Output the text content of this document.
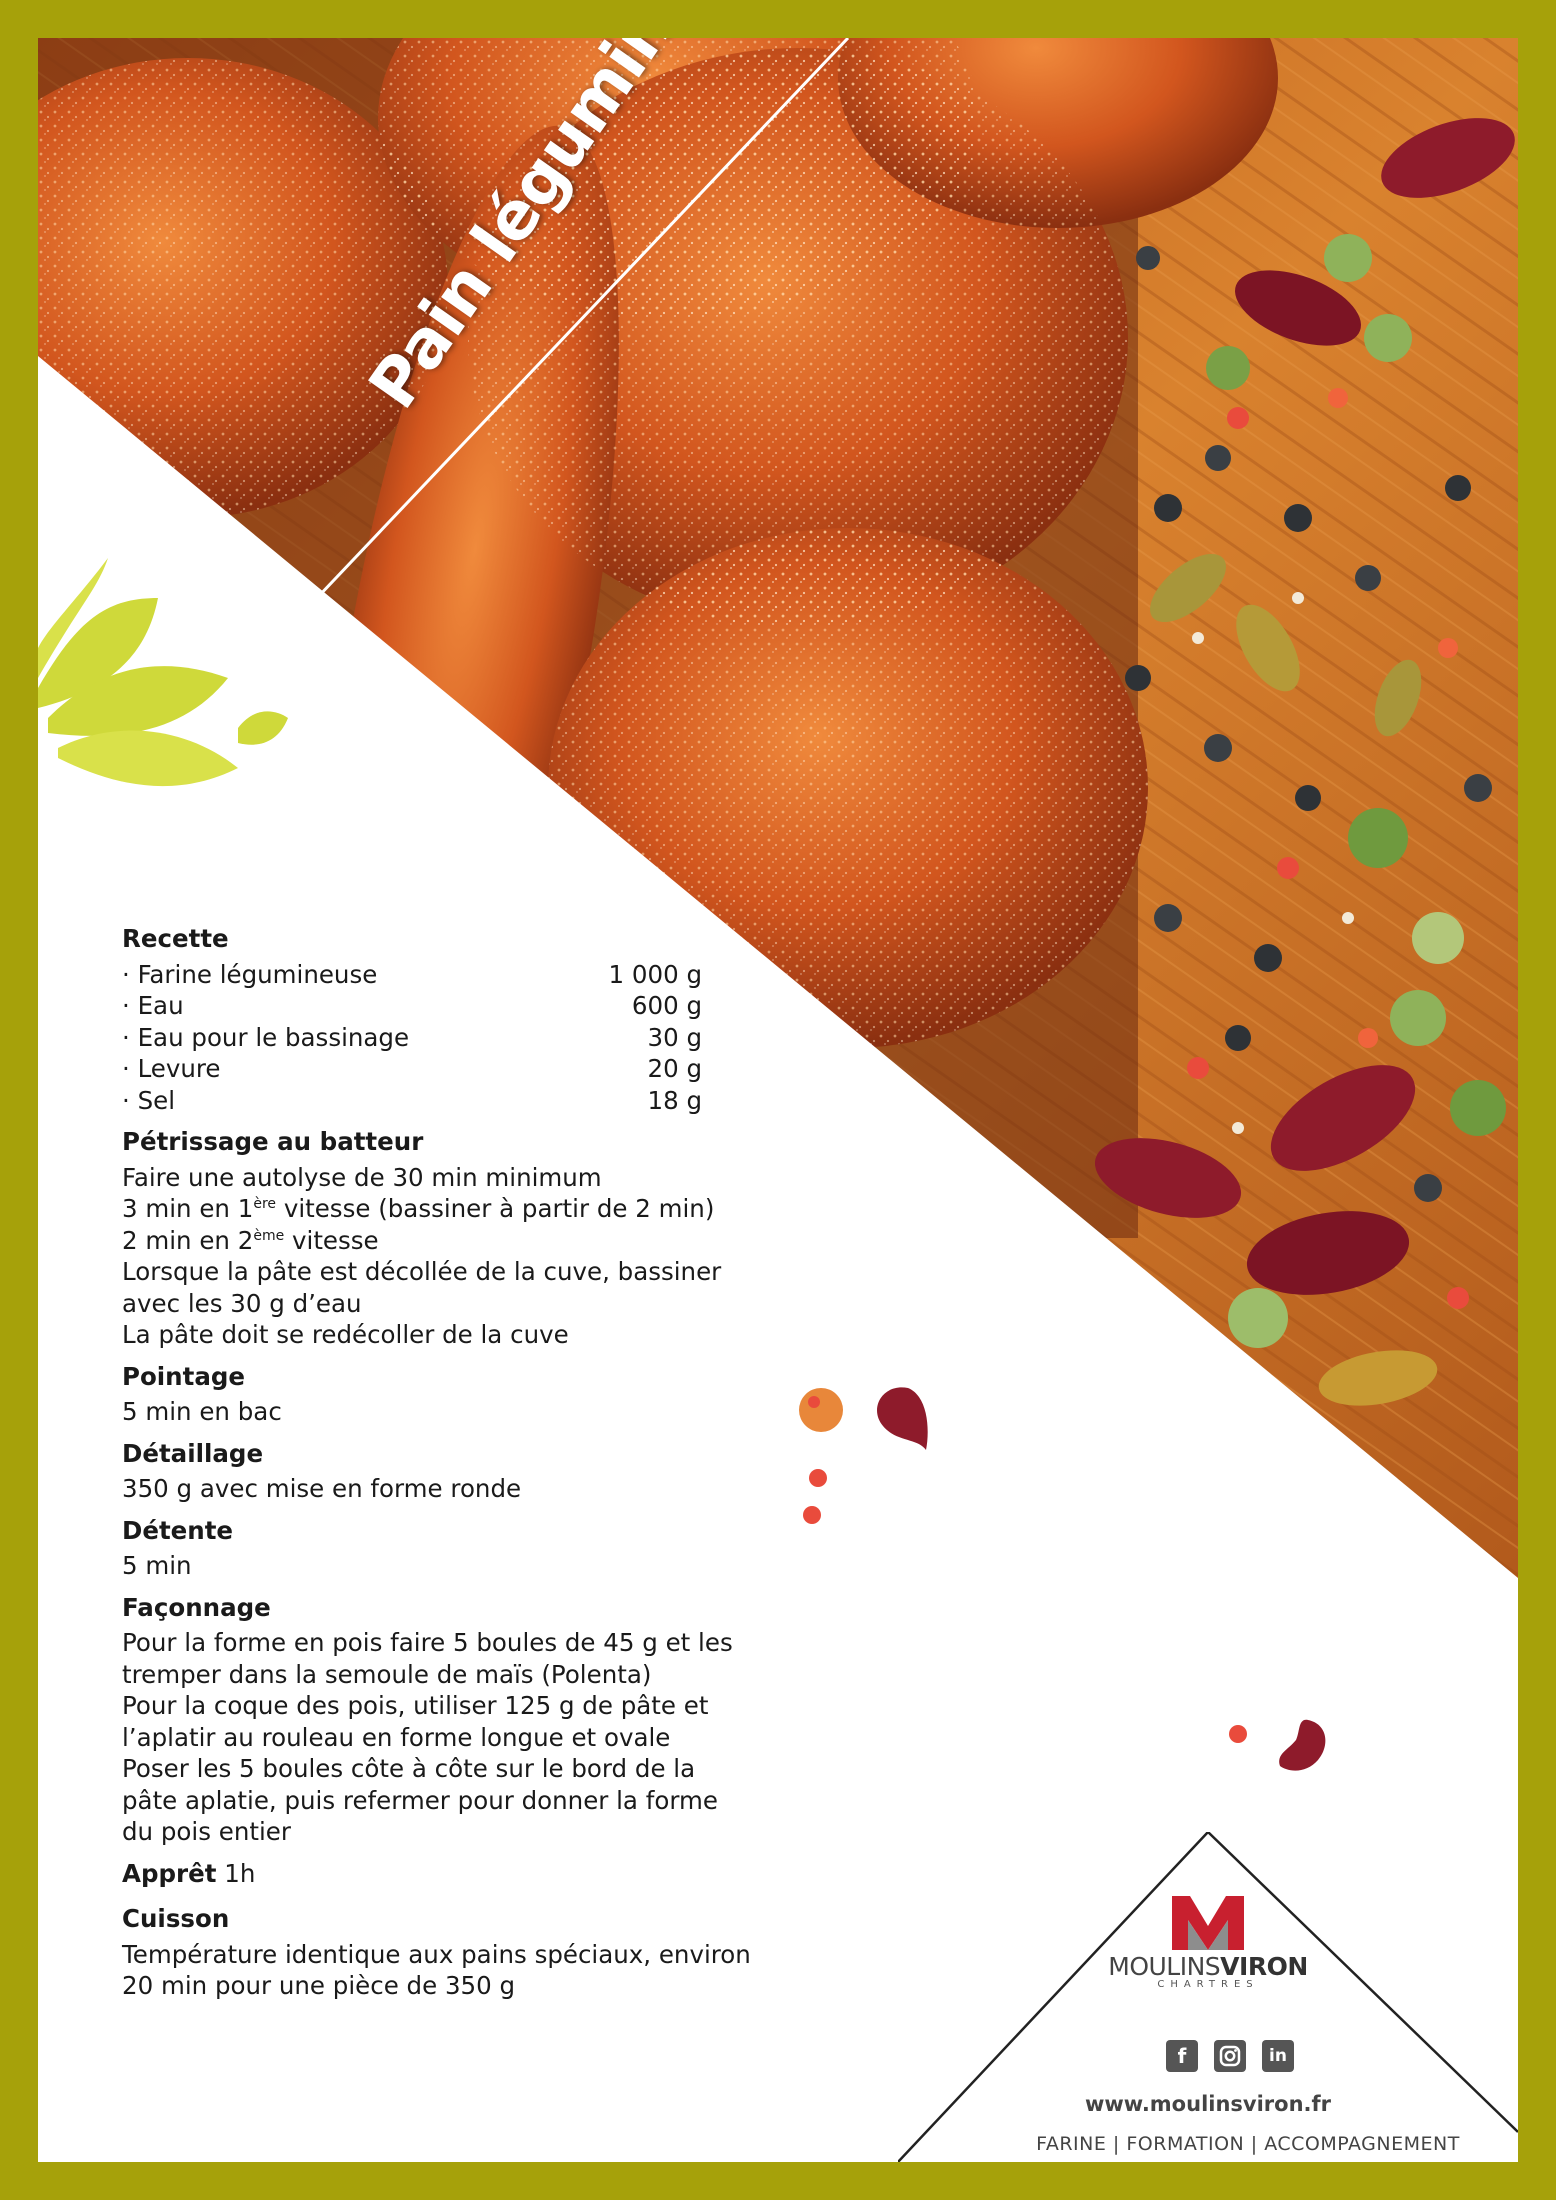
Pain
Recette
· Farine légumineuse	1 000 g
· Eau	600 g
· Eau pour le bassinage	30 g
· Levure	20 g
· Sel	18 g
Pétrissage au batteur
Faire une autolyse de 30 min minimum
3 min en 1ère vitesse (bassiner à partir de 2 min)
2 min en 2ème vitesse
Lorsque la pâte est décollée de la cuve, bassiner
avec les 30 g d’eau
La pâte doit se redécoller de la cuve
Pointage
5 min en bac
Détaillage
350 g avec mise en forme ronde
Détente
5 min
Façonnage
Pour la forme en pois faire 5 boules de 45 g et les
tremper dans la semoule de maïs (Polenta)
Pour la coque des pois, utiliser 125 g de pâte et
l’aplatir au rouleau en forme longue et ovale
Poser les 5 boules côte à côte sur le bord de la
pâte aplatie, puis refermer pour donner la forme
du pois entier
Apprêt 1h
Cuisson
Température identique aux pains spéciaux, environ
20 min pour une pièce de 350 g
MOULINSVIRON
CHARTRES
f	in
www.moulinsviron.fr
FARINE | FORMATION | ACCOMPAGNEMENT
